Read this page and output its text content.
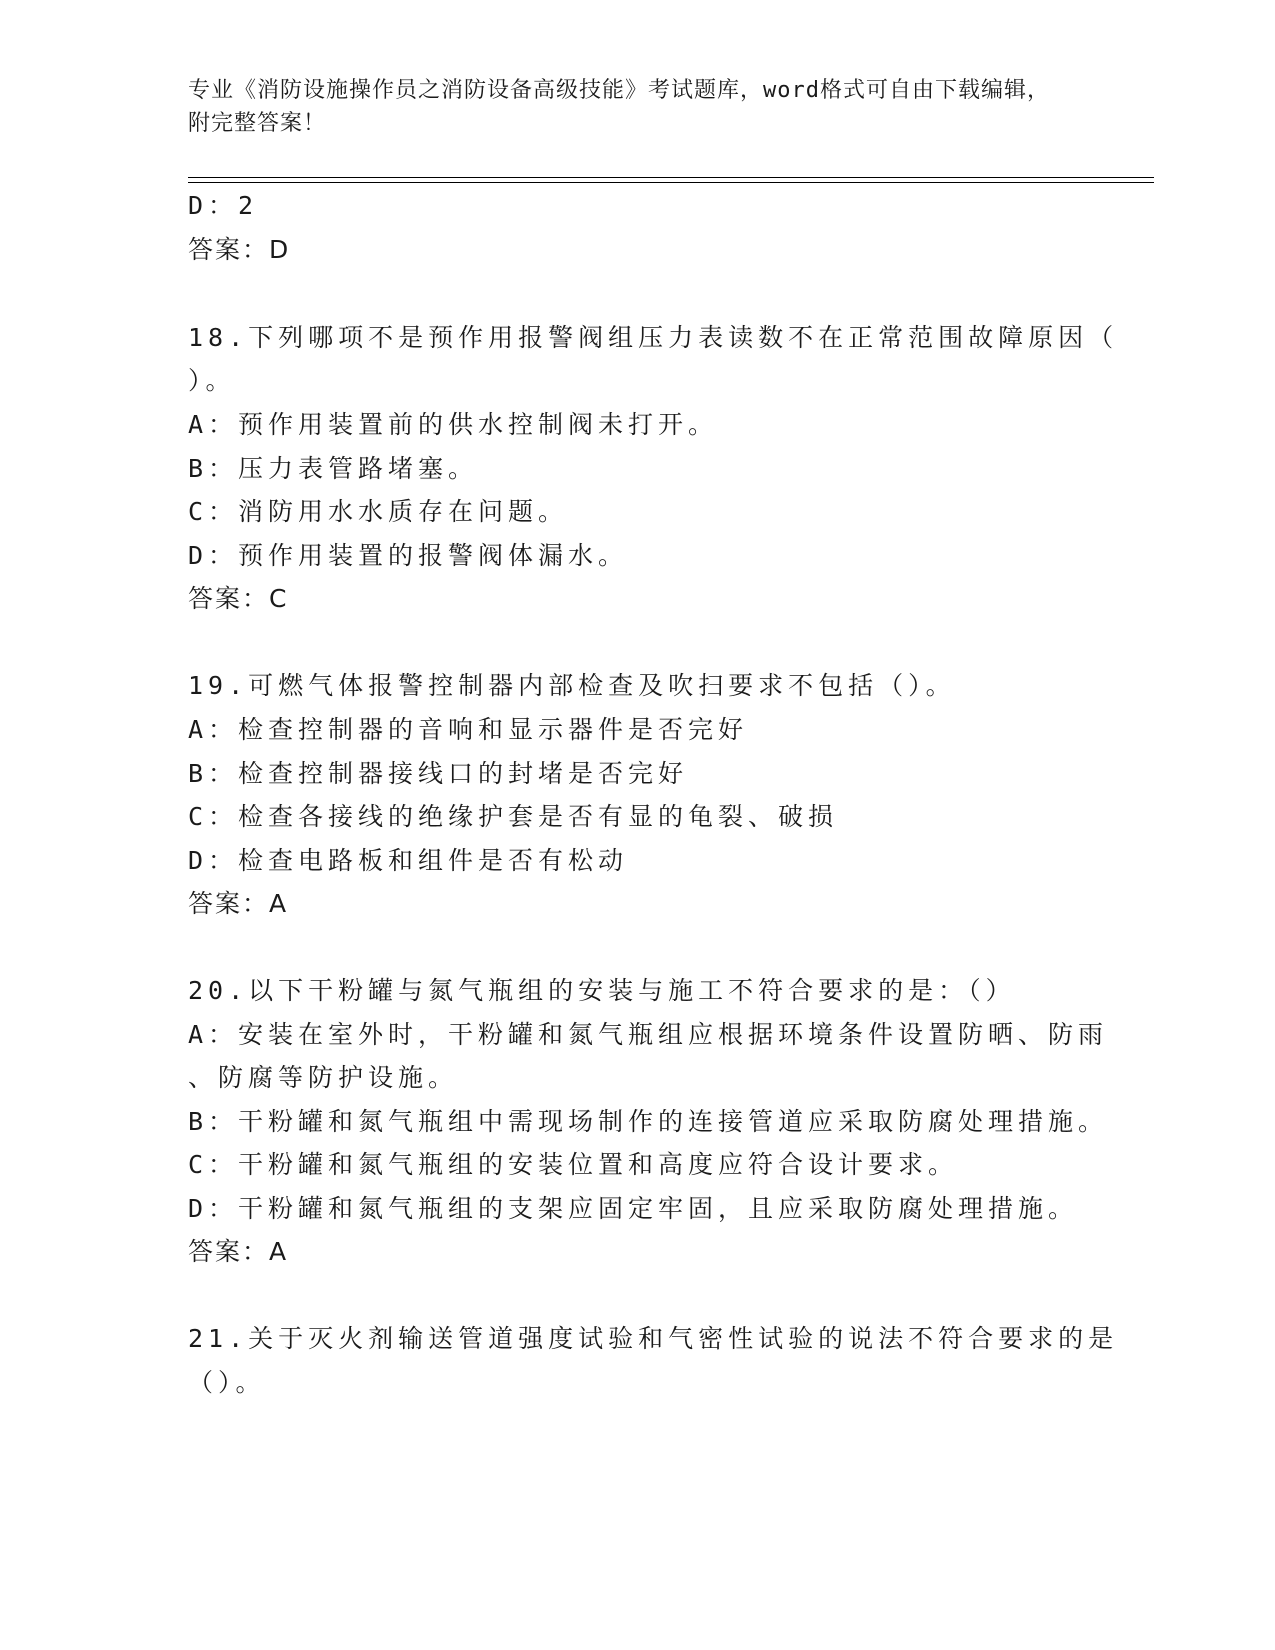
专业《消防设施操作员之消防设备高级技能》考试题库，word格式可自由下载编辑，附完整答案！

D：2

答案：D

18.下列哪项不是预作用报警阀组压力表读数不在正常范围故障原因（

）。

A：预作用装置前的供水控制阀未打开。

B：压力表管路堵塞。

C：消防用水水质存在问题。

D：预作用装置的报警阀体漏水。

答案：C

19.可燃气体报警控制器内部检查及吹扫要求不包括（）。

A：检查控制器的音响和显示器件是否完好

B：检查控制器接线口的封堵是否完好

C：检查各接线的绝缘护套是否有显的龟裂、破损

D：检查电路板和组件是否有松动

答案：A

20.以下干粉罐与氮气瓶组的安装与施工不符合要求的是：（）

A：安装在室外时，干粉罐和氮气瓶组应根据环境条件设置防晒、防雨

、防腐等防护设施。

B：干粉罐和氮气瓶组中需现场制作的连接管道应采取防腐处理措施。

C：干粉罐和氮气瓶组的安装位置和高度应符合设计要求。

D：干粉罐和氮气瓶组的支架应固定牢固，且应采取防腐处理措施。

答案：A

21.关于灭火剂输送管道强度试验和气密性试验的说法不符合要求的是

（）。
